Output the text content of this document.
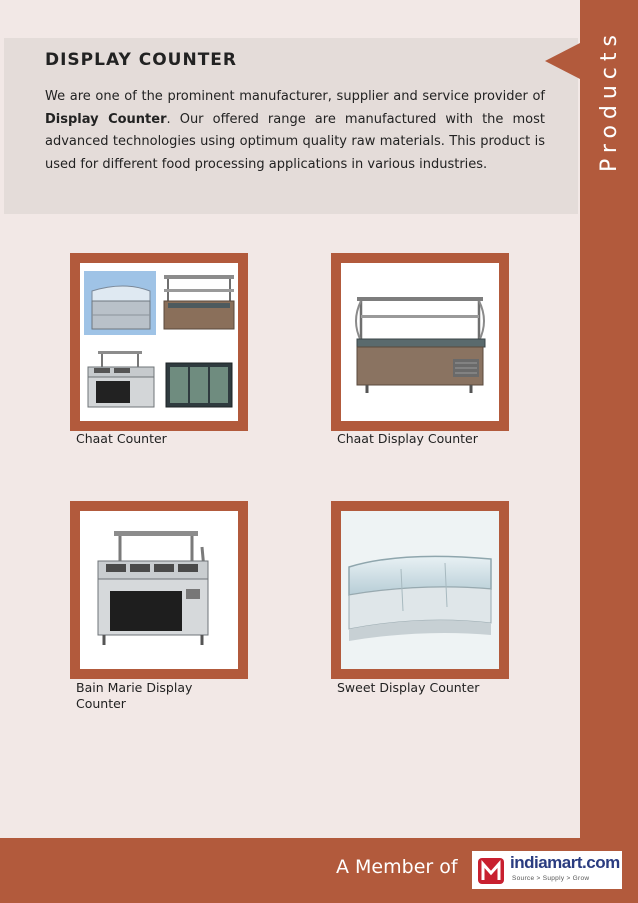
Products
DISPLAY COUNTER
We are one of the prominent manufacturer, supplier and service provider of Display Counter. Our offered range are manufactured with the most advanced technologies using optimum quality raw materials. This product is used for different food processing applications in various industries.
Chaat Counter	Chaat Display Counter
Bain Marie Display Counter
Sweet Display Counter
A Member of	indiamart.com
Source > Supply > Grow
